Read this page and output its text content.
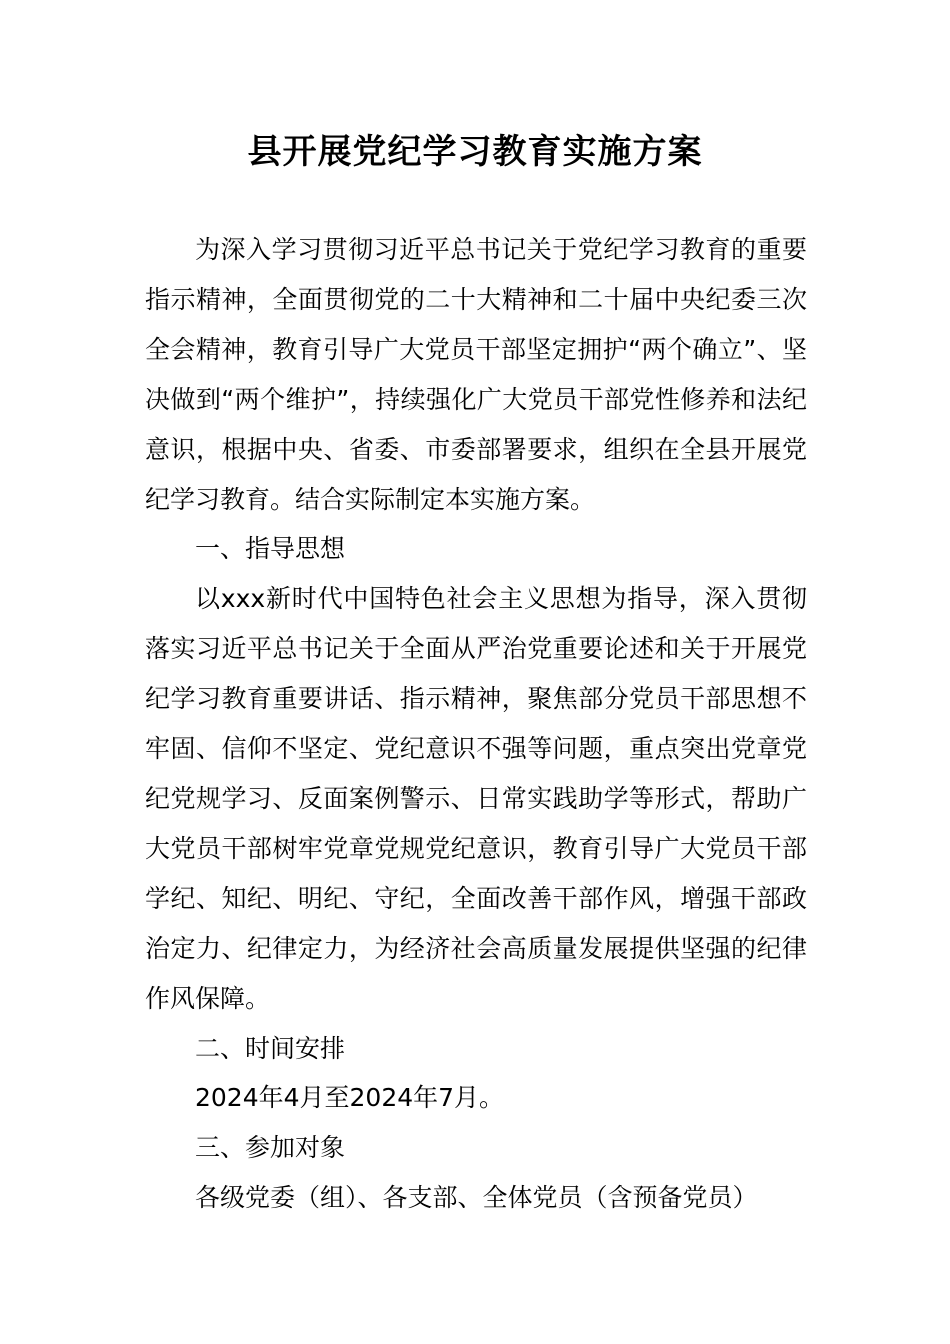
县开展党纪学习教育实施方案

为深入学习贯彻习近平总书记关于党纪学习教育的重要指示精神，全面贯彻党的二十大精神和二十届中央纪委三次全会精神，教育引导广大党员干部坚定拥护“两个确立”、坚决做到“两个维护”，持续强化广大党员干部党性修养和法纪意识，根据中央、省委、市委部署要求，组织在全县开展党纪学习教育。结合实际制定本实施方案。

一、指导思想

以xxx新时代中国特色社会主义思想为指导，深入贯彻落实习近平总书记关于全面从严治党重要论述和关于开展党纪学习教育重要讲话、指示精神，聚焦部分党员干部思想不牢固、信仰不坚定、党纪意识不强等问题，重点突出党章党纪党规学习、反面案例警示、日常实践助学等形式，帮助广大党员干部树牢党章党规党纪意识，教育引导广大党员干部学纪、知纪、明纪、守纪，全面改善干部作风，增强干部政治定力、纪律定力，为经济社会高质量发展提供坚强的纪律作风保障。

二、时间安排

2024年4月至2024年7月。

三、参加对象

各级党委（组）、各支部、全体党员（含预备党员）
